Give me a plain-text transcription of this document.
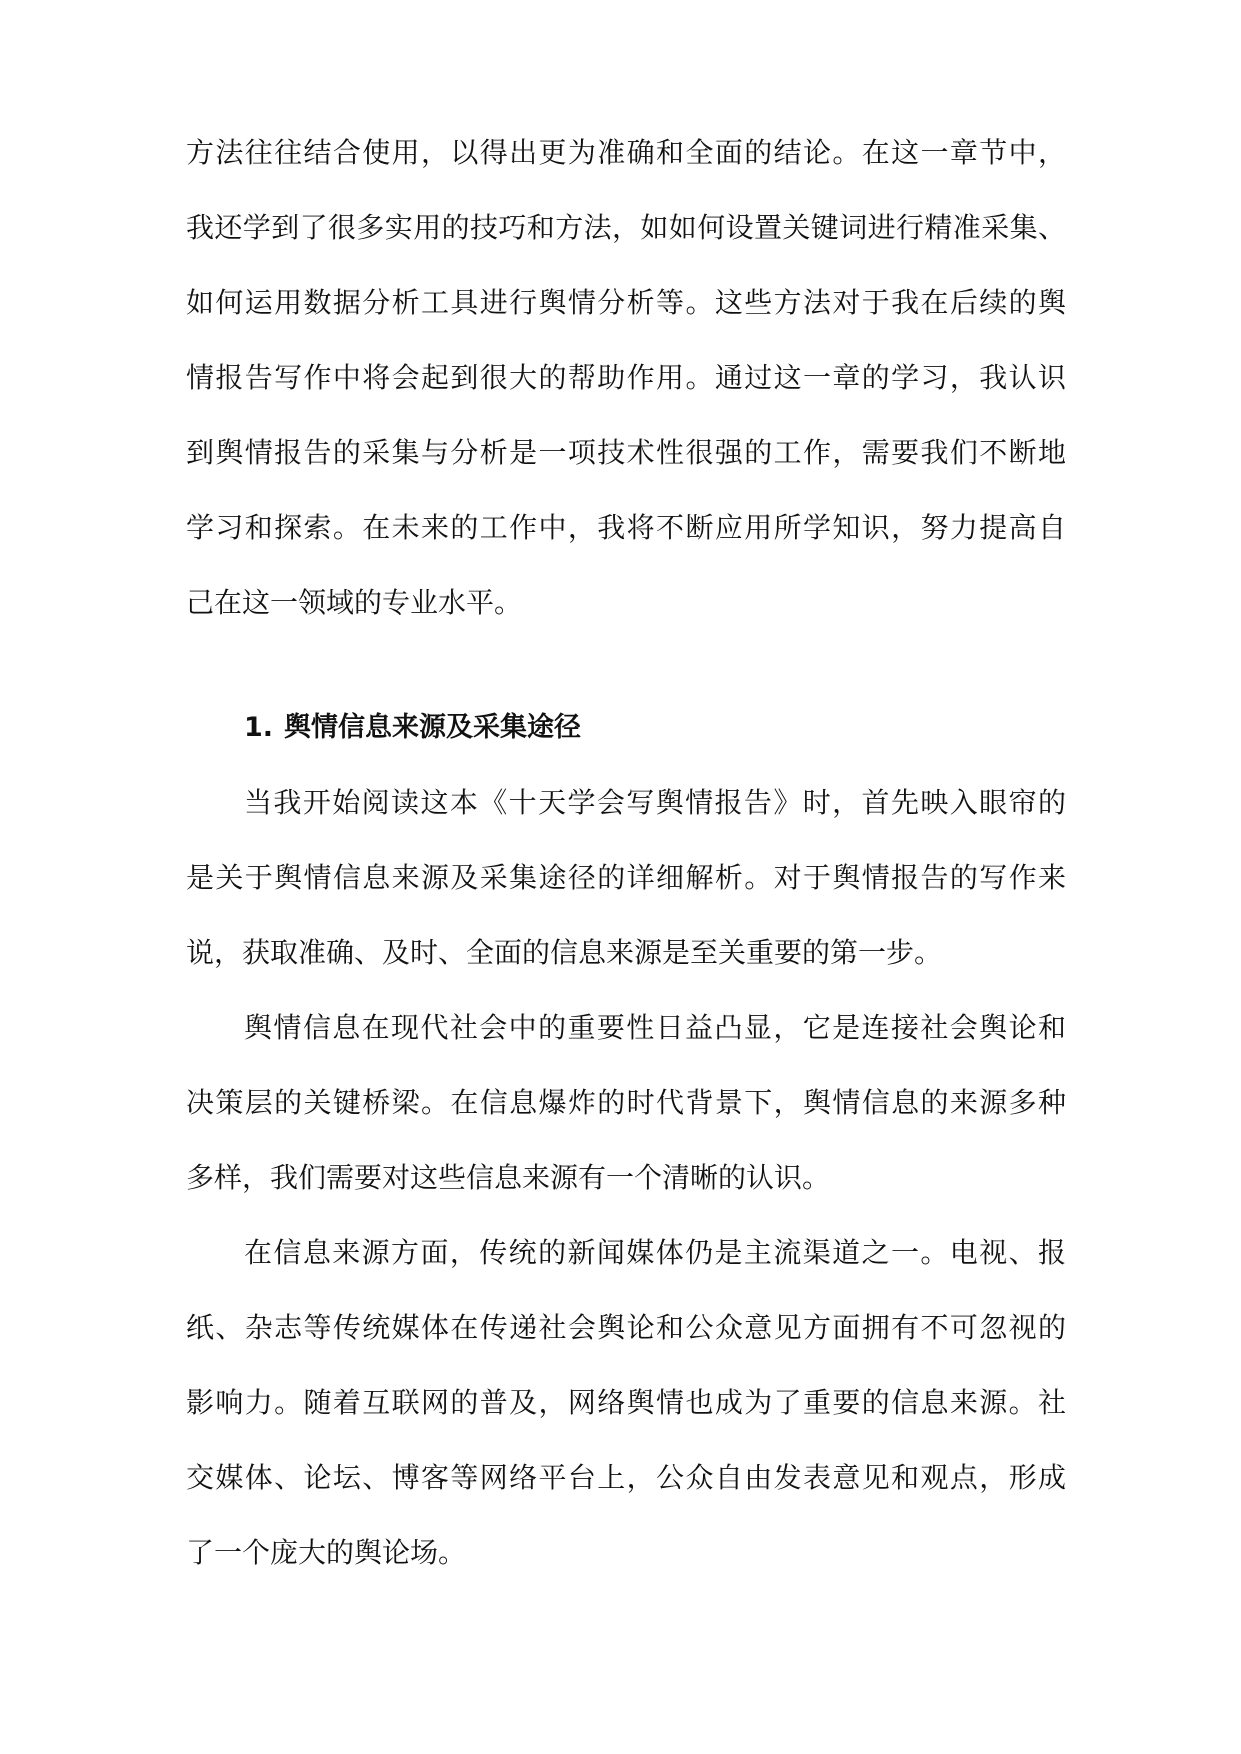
方法往往结合使用，以得出更为准确和全面的结论。在这一章节中，
我还学到了很多实用的技巧和方法，如如何设置关键词进行精准采集、
如何运用数据分析工具进行舆情分析等。这些方法对于我在后续的舆
情报告写作中将会起到很大的帮助作用。通过这一章的学习，我认识
到舆情报告的采集与分析是一项技术性很强的工作，需要我们不断地
学习和探索。在未来的工作中，我将不断应用所学知识，努力提高自
己在这一领域的专业水平。
1. 舆情信息来源及采集途径
当我开始阅读这本《十天学会写舆情报告》时，首先映入眼帘的
是关于舆情信息来源及采集途径的详细解析。对于舆情报告的写作来
说，获取准确、及时、全面的信息来源是至关重要的第一步。
舆情信息在现代社会中的重要性日益凸显，它是连接社会舆论和
决策层的关键桥梁。在信息爆炸的时代背景下，舆情信息的来源多种
多样，我们需要对这些信息来源有一个清晰的认识。
在信息来源方面，传统的新闻媒体仍是主流渠道之一。电视、报
纸、杂志等传统媒体在传递社会舆论和公众意见方面拥有不可忽视的
影响力。随着互联网的普及，网络舆情也成为了重要的信息来源。社
交媒体、论坛、博客等网络平台上，公众自由发表意见和观点，形成
了一个庞大的舆论场。
